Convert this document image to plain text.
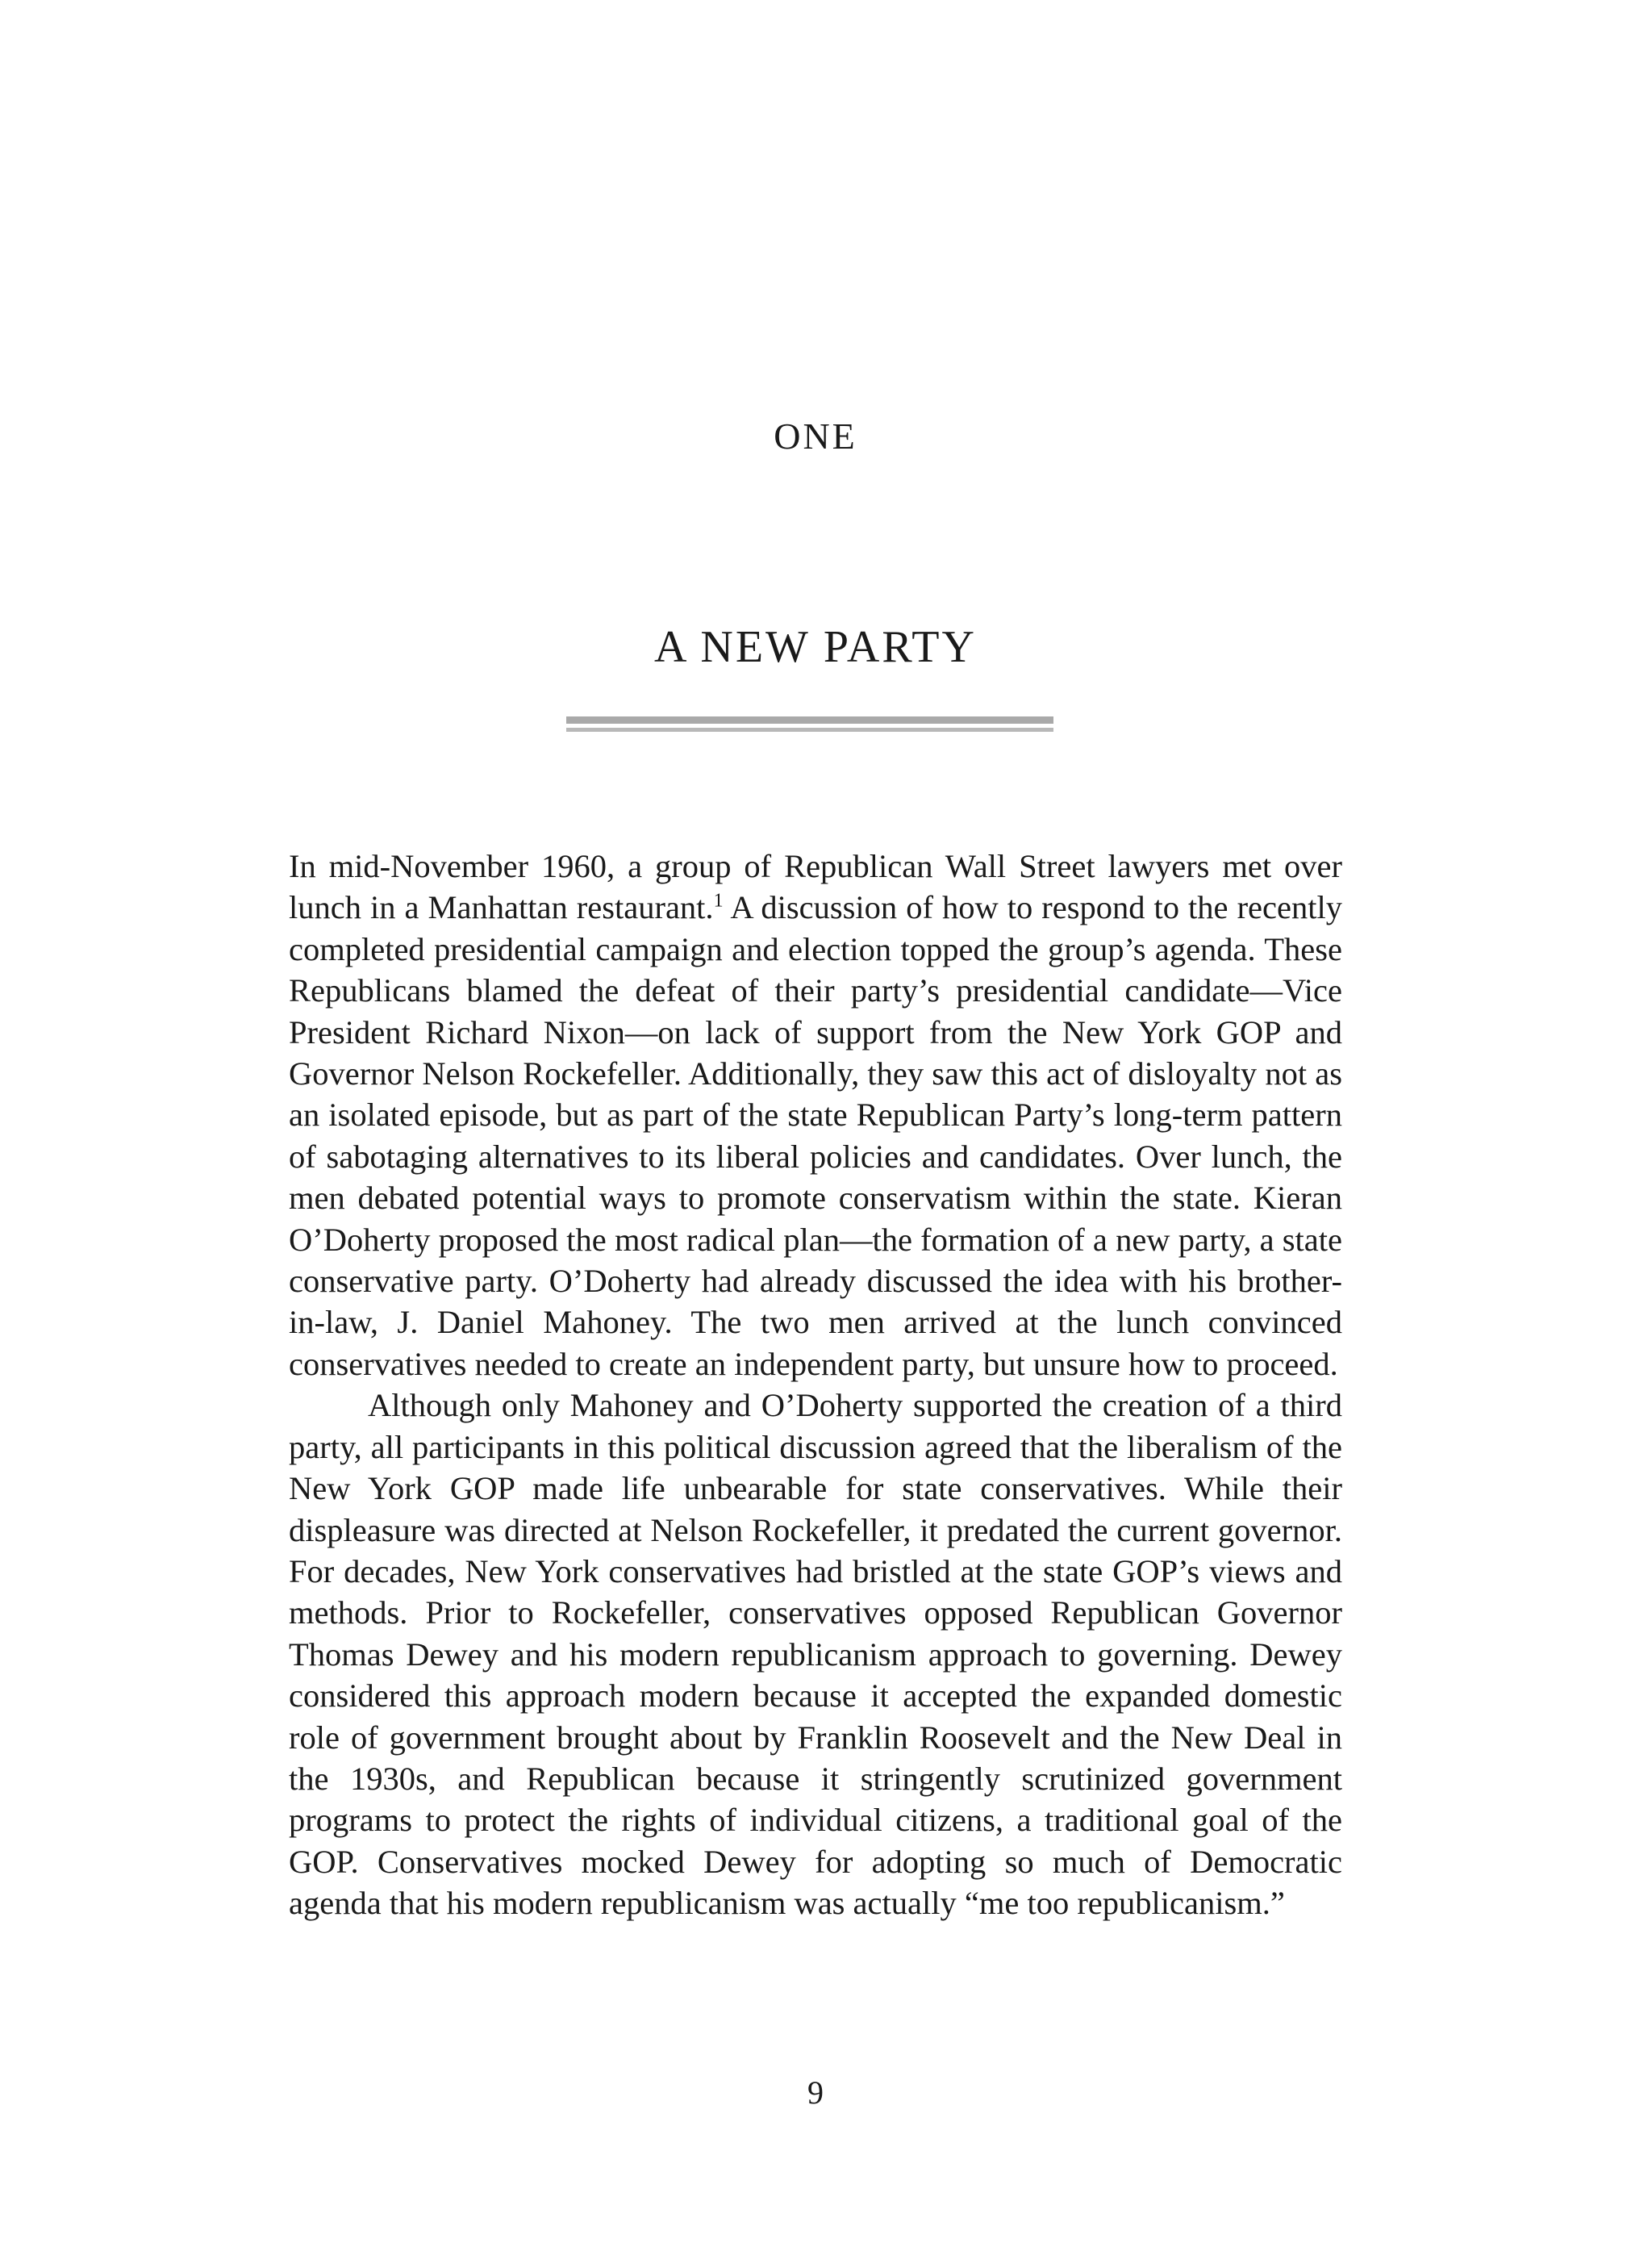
ONE
A NEW PARTY

In mid-November 1960, a group of Republican Wall Street lawyers met over lunch in a Manhattan restaurant.$^1$ A discussion of how to respond to the recently completed presidential campaign and election topped the group’s agenda. These Republicans blamed the defeat of their party’s presidential candidate—Vice President Richard Nixon—on lack of support from the New York GOP and Governor Nelson Rockefeller. Additionally, they saw this act of disloyalty not as an isolated episode, but as part of the state Republican Party’s long-term pattern of sabotaging alternatives to its liberal policies and candidates. Over lunch, the men debated potential ways to promote conservatism within the state. Kieran O’Doherty proposed the most radical plan—the formation of a new party, a state conservative party. O’Doherty had already discussed the idea with his brother-in-law, J. Daniel Mahoney. The two men arrived at the lunch convinced conservatives needed to create an independent party, but unsure how to proceed.

Although only Mahoney and O’Doherty supported the creation of a third party, all participants in this political discussion agreed that the liberalism of the New York GOP made life unbearable for state conservatives. While their displeasure was directed at Nelson Rockefeller, it predated the current governor. For decades, New York conservatives had bristled at the state GOP’s views and methods. Prior to Rockefeller, conservatives opposed Republican Governor Thomas Dewey and his modern republicanism approach to governing. Dewey considered this approach modern because it accepted the expanded domestic role of government brought about by Franklin Roosevelt and the New Deal in the 1930s, and Republican because it stringently scrutinized government programs to protect the rights of individual citizens, a traditional goal of the GOP. Conservatives mocked Dewey for adopting so much of Democratic agenda that his modern republicanism was actually “me too republicanism.”

9
